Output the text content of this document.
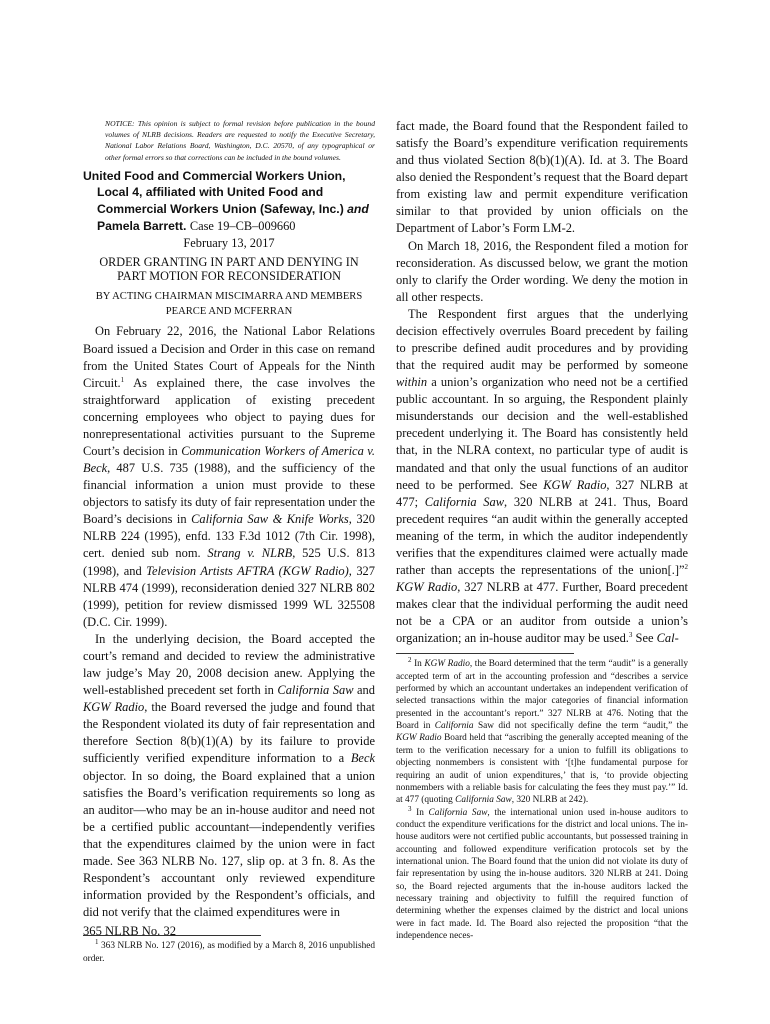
NOTICE: This opinion is subject to formal revision before publication in the bound volumes of NLRB decisions. Readers are requested to notify the Executive Secretary, National Labor Relations Board, Washington, D.C. 20570, of any typographical or other formal errors so that corrections can be included in the bound volumes.

United Food and Commercial Workers Union, Local 4, affiliated with United Food and Commercial Workers Union (Safeway, Inc.) and Pamela Barrett. Case 19–CB–009660

February 13, 2017

ORDER GRANTING IN PART AND DENYING IN
PART MOTION FOR RECONSIDERATION

BY ACTING CHAIRMAN MISCIMARRA AND MEMBERS
PEARCE AND MCFERRAN

On February 22, 2016, the National Labor Relations Board issued a Decision and Order in this case on remand from the United States Court of Appeals for the Ninth Circuit.$^1$ As explained there, the case involves the straightforward application of existing precedent concerning employees who object to paying dues for nonrepresentational activities pursuant to the Supreme Court’s decision in Communication Workers of America v. Beck, 487 U.S. 735 (1988), and the sufficiency of the financial information a union must provide to these objectors to satisfy its duty of fair representation under the Board’s decisions in California Saw & Knife Works, 320 NLRB 224 (1995), enfd. 133 F.3d 1012 (7th Cir. 1998), cert. denied sub nom. Strang v. NLRB, 525 U.S. 813 (1998), and Television Artists AFTRA (KGW Radio), 327 NLRB 474 (1999), reconsideration denied 327 NLRB 802 (1999), petition for review dismissed 1999 WL 325508 (D.C. Cir. 1999).

In the underlying decision, the Board accepted the court’s remand and decided to review the administrative law judge’s May 20, 2008 decision anew. Applying the well-established precedent set forth in California Saw and KGW Radio, the Board reversed the judge and found that the Respondent violated its duty of fair representation and therefore Section 8(b)(1)(A) by its failure to provide sufficiently verified expenditure information to a Beck objector. In so doing, the Board explained that a union satisfies the Board’s verification requirements so long as an auditor—who may be an in-house auditor and need not be a certified public accountant—independently verifies that the expenditures claimed by the union were in fact made. See 363 NLRB No. 127, slip op. at 3 fn. 8. As the Respondent’s accountant only reviewed expenditure information provided by the Respondent’s officials, and did not verify that the claimed expenditures were in

$^1$ 363 NLRB No. 127 (2016), as modified by a March 8, 2016 unpublished order.

fact made, the Board found that the Respondent failed to satisfy the Board’s expenditure verification requirements and thus violated Section 8(b)(1)(A). Id. at 3. The Board also denied the Respondent’s request that the Board depart from existing law and permit expenditure verification similar to that provided by union officials on the Department of Labor’s Form LM-2.

On March 18, 2016, the Respondent filed a motion for reconsideration. As discussed below, we grant the motion only to clarify the Order wording. We deny the motion in all other respects.

The Respondent first argues that the underlying decision effectively overrules Board precedent by failing to prescribe defined audit procedures and by providing that the required audit may be performed by someone within a union’s organization who need not be a certified public accountant. In so arguing, the Respondent plainly misunderstands our decision and the well-established precedent underlying it. The Board has consistently held that, in the NLRA context, no particular type of audit is mandated and that only the usual functions of an auditor need to be performed. See KGW Radio, 327 NLRB at 477; California Saw, 320 NLRB at 241. Thus, Board precedent requires “an audit within the generally accepted meaning of the term, in which the auditor independently verifies that the expenditures claimed were actually made rather than accepts the representations of the union[.]”$^2$ KGW Radio, 327 NLRB at 477. Further, Board precedent makes clear that the individual performing the audit need not be a CPA or an auditor from outside a union’s organization; an in-house auditor may be used.$^3$ See Cal-

$^2$ In KGW Radio, the Board determined that the term “audit” is a generally accepted term of art in the accounting profession and “describes a service performed by which an accountant undertakes an independent verification of selected transactions within the major categories of financial information presented in the accountant’s report.” 327 NLRB at 476. Noting that the Board in California Saw did not specifically define the term “audit,” the KGW Radio Board held that “ascribing the generally accepted meaning of the term to the verification necessary for a union to fulfill its obligations to objecting nonmembers is consistent with ‘[t]he fundamental purpose for requiring an audit of union expenditures,’ that is, ‘to provide objecting nonmembers with a reliable basis for calculating the fees they must pay.’” Id. at 477 (quoting California Saw, 320 NLRB at 242).

$^3$ In California Saw, the international union used in-house auditors to conduct the expenditure verifications for the district and local unions. The in-house auditors were not certified public accountants, but possessed training in accounting and followed expenditure verification protocols set by the international union. The Board found that the union did not violate its duty of fair representation by using the in-house auditors. 320 NLRB at 241. Doing so, the Board rejected arguments that the in-house auditors lacked the necessary training and objectivity to fulfill the required function of determining whether the expenses claimed by the district and local unions were in fact made. Id. The Board also rejected the proposition “that the independence neces-

365 NLRB No. 32
